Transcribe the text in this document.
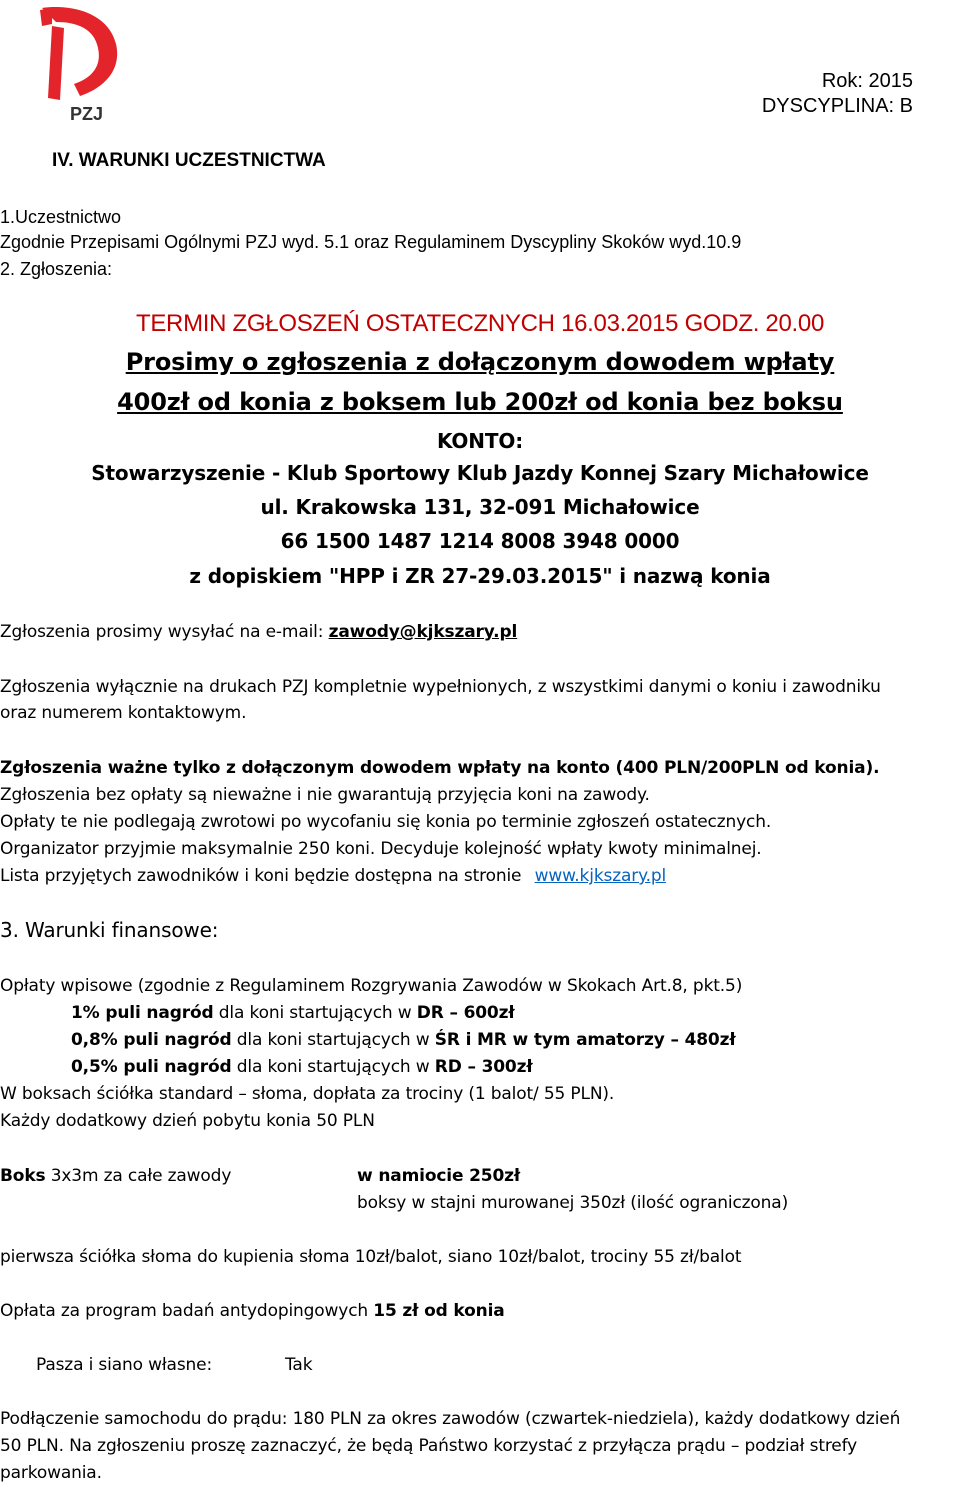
PZJ
Rok: 2015
DYSCYPLINA: B
IV. WARUNKI UCZESTNICTWA
1.Uczestnictwo
Zgodnie Przepisami Ogólnymi PZJ wyd. 5.1 oraz Regulaminem Dyscypliny Skoków wyd.10.9
2. Zgłoszenia:
TERMIN ZGŁOSZEŃ OSTATECZNYCH 16.03.2015 GODZ. 20.00
Prosimy o zgłoszenia z dołączonym dowodem wpłaty
400zł od konia z boksem lub 200zł od konia bez boksu
KONTO:
Stowarzyszenie - Klub Sportowy Klub Jazdy Konnej Szary Michałowice
ul. Krakowska 131, 32-091 Michałowice
66 1500 1487 1214 8008 3948 0000
z dopiskiem "HPP i ZR 27-29.03.2015" i nazwą konia
Zgłoszenia prosimy wysyłać na e-mail: zawody@kjkszary.pl
Zgłoszenia wyłącznie na drukach PZJ kompletnie wypełnionych, z wszystkimi danymi o koniu i zawodniku
oraz numerem kontaktowym.
Zgłoszenia ważne tylko z dołączonym dowodem wpłaty na konto (400 PLN/200PLN od konia).
Zgłoszenia bez opłaty są nieważne i nie gwarantują przyjęcia koni na zawody.
Opłaty te nie podlegają zwrotowi po wycofaniu się konia po terminie zgłoszeń ostatecznych.
Organizator przyjmie maksymalnie 250 koni. Decyduje kolejność wpłaty kwoty minimalnej.
Lista przyjętych zawodników i koni będzie dostępna na stronie www.kjkszary.pl
3. Warunki finansowe:
Opłaty wpisowe (zgodnie z Regulaminem Rozgrywania Zawodów w Skokach Art.8, pkt.5)
1% puli nagród dla koni startujących w DR – 600zł
0,8% puli nagród dla koni startujących w ŚR i MR w tym amatorzy – 480zł
0,5% puli nagród dla koni startujących w RD – 300zł
W boksach ściółka standard – słoma, dopłata za trociny (1 balot/ 55 PLN).
Każdy dodatkowy dzień pobytu konia 50 PLN
Boks 3x3m za całe zawody	w namiocie 250zł
boksy w stajni murowanej 350zł (ilość ograniczona)
pierwsza ściółka słoma do kupienia słoma 10zł/balot, siano 10zł/balot, trociny 55 zł/balot
Opłata za program badań antydopingowych 15 zł od konia
Pasza i siano własne:	Tak
Podłączenie samochodu do prądu: 180 PLN za okres zawodów (czwartek-niedziela), każdy dodatkowy dzień
50 PLN. Na zgłoszeniu proszę zaznaczyć, że będą Państwo korzystać z przyłącza prądu – podział strefy
parkowania.
